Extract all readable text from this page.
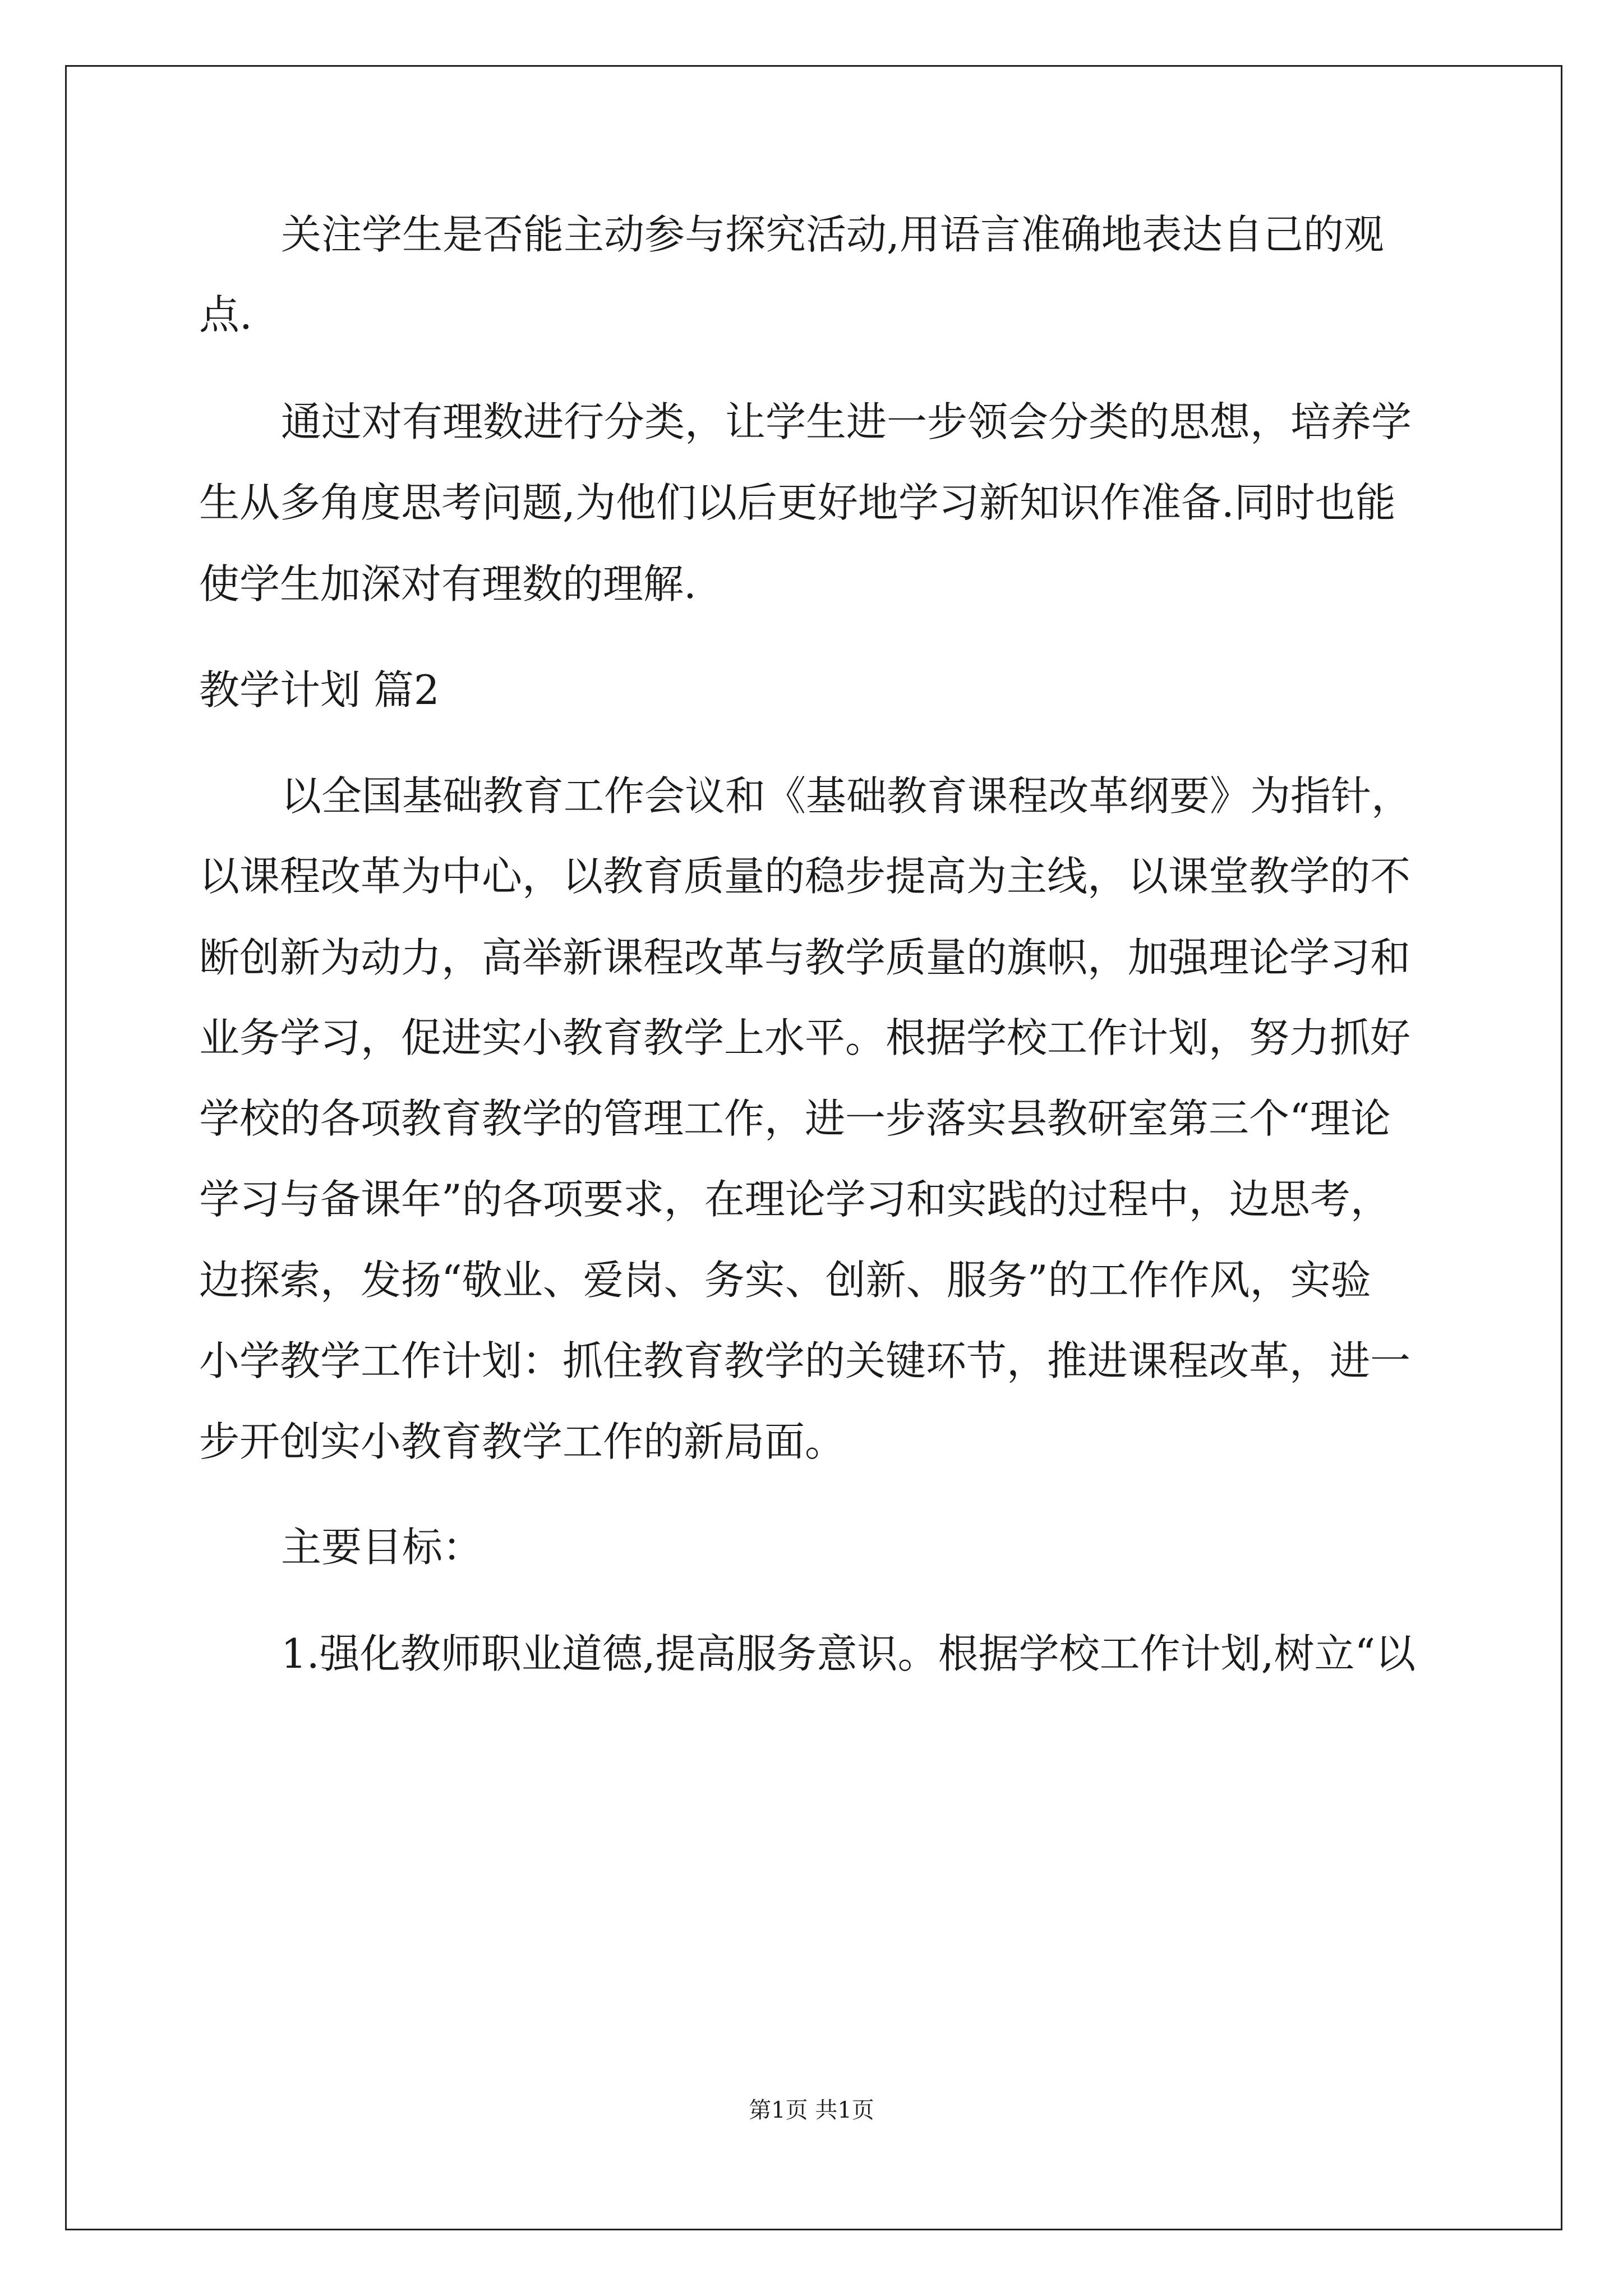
关注学生是否能主动参与探究活动,用语言准确地表达自己的观
点.
通过对有理数进行分类，让学生进一步领会分类的思想，培养学
生从多角度思考问题,为他们以后更好地学习新知识作准备.同时也能
使学生加深对有理数的理解.
教学计划 篇2
以全国基础教育工作会议和《基础教育课程改革纲要》为指针，
以课程改革为中心，以教育质量的稳步提高为主线，以课堂教学的不
断创新为动力，高举新课程改革与教学质量的旗帜，加强理论学习和
业务学习，促进实小教育教学上水平。根据学校工作计划，努力抓好
学校的各项教育教学的管理工作，进一步落实县教研室第三个“理论
学习与备课年”的各项要求，在理论学习和实践的过程中，边思考，
边探索，发扬“敬业、爱岗、务实、创新、服务”的工作作风，实验
小学教学工作计划：抓住教育教学的关键环节，推进课程改革，进一
步开创实小教育教学工作的新局面。
主要目标：
1.强化教师职业道德,提高服务意识。根据学校工作计划,树立“以
第1页 共1页
